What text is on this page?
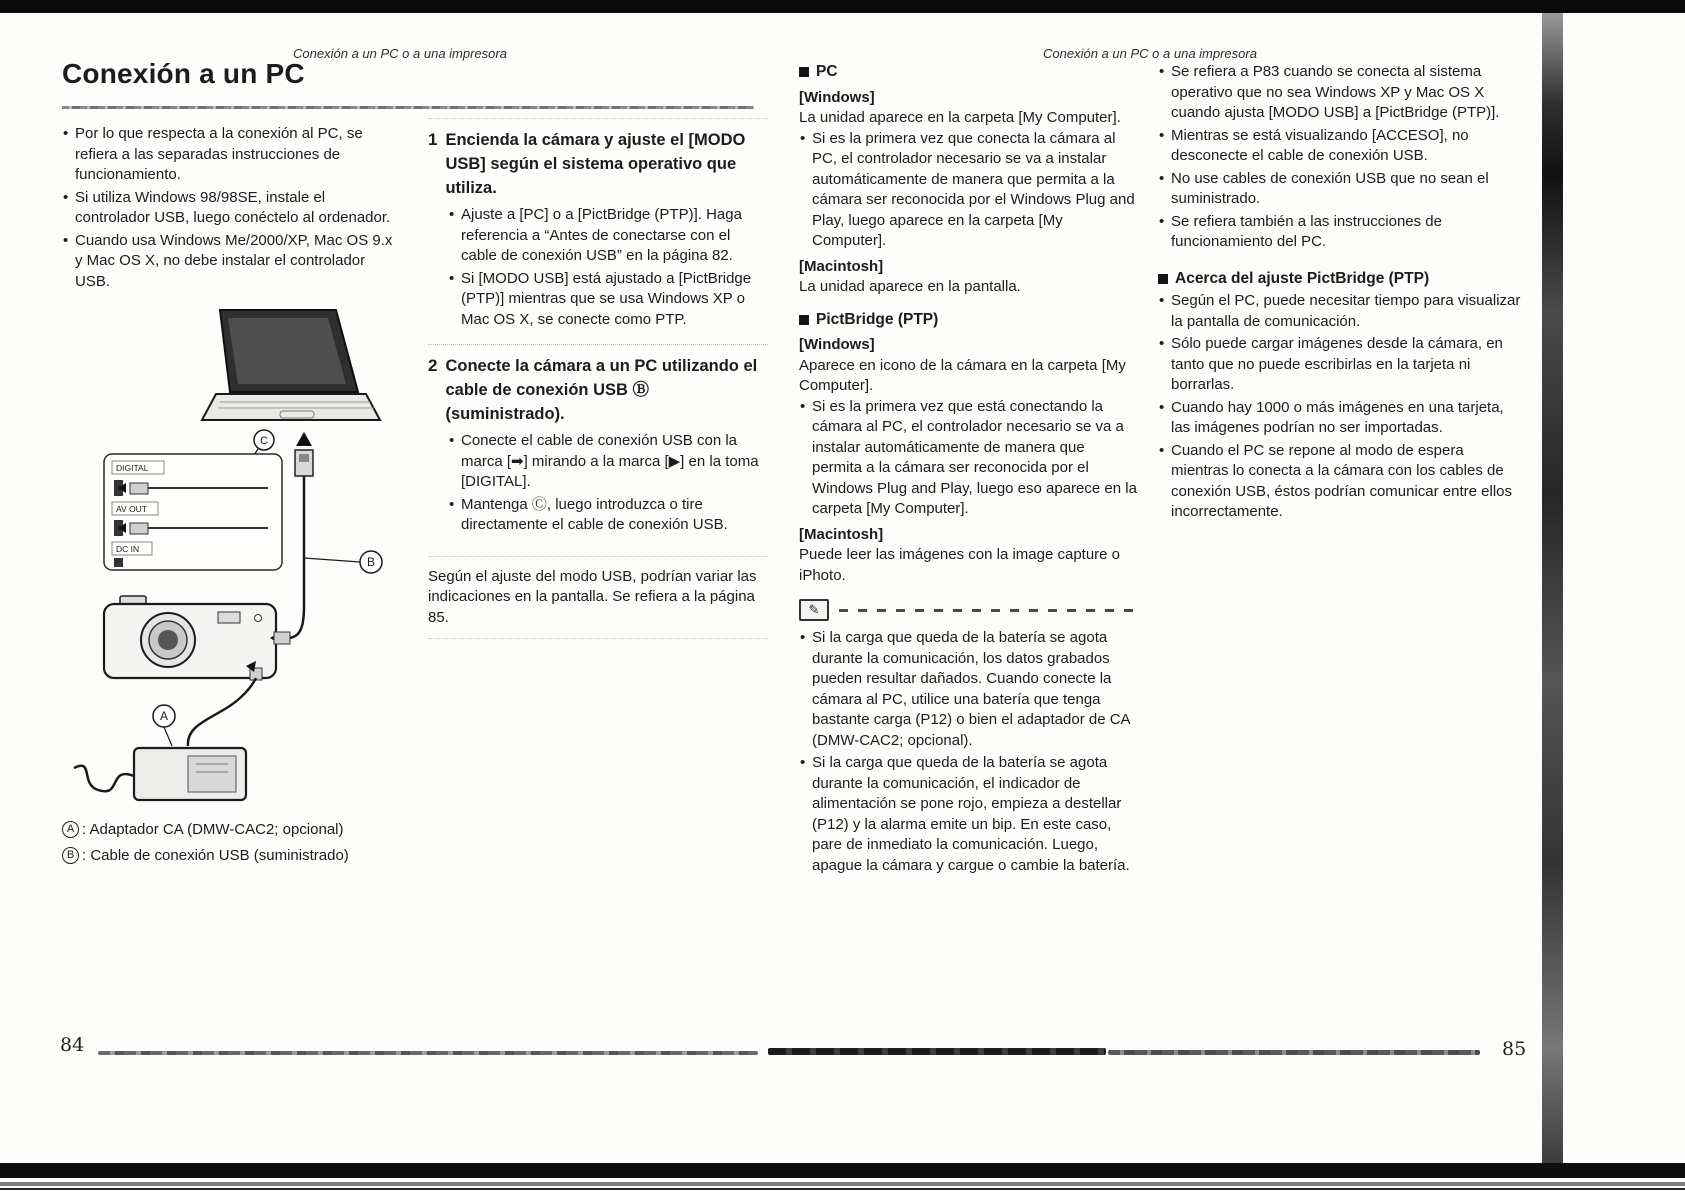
Conexión a un PC o a una impresora	Conexión a un PC o a una impresora
Conexión a un PC
• Por lo que respecta a la conexión al PC, se refiera a las separadas instrucciones de funcionamiento.
• Si utiliza Windows 98/98SE, instale el controlador USB, luego conéctelo al ordenador.
• Cuando usa Windows Me/2000/XP, Mac OS 9.x y Mac OS X, no debe instalar el controlador USB.
B
C
DIGITAL
AV OUT
DC IN
A
A : Adaptador CA (DMW-CAC2; opcional)
B : Cable de conexión USB (suministrado)
1 Encienda la cámara y ajuste el [MODO USB] según el sistema operativo que utiliza.
• Ajuste a [PC] o a [PictBridge (PTP)]. Haga referencia a “Antes de conectarse con el cable de conexión USB” en la página 82.
• Si [MODO USB] está ajustado a [PictBridge (PTP)] mientras que se usa Windows XP o Mac OS X, se conecte como PTP.
2 Conecte la cámara a un PC utilizando el cable de conexión USB Ⓑ (suministrado).
• Conecte el cable de conexión USB con la marca [➡] mirando a la marca [▶] en la toma [DIGITAL].
• Mantenga Ⓒ, luego introduzca o tire directamente el cable de conexión USB.
Según el ajuste del modo USB, podrían variar las indicaciones en la pantalla. Se refiera a la página 85.
PC
[Windows]

La unidad aparece en la carpeta [My Computer].

• Si es la primera vez que conecta la cámara al PC, el controlador necesario se va a instalar automáticamente de manera que permita a la cámara ser reconocida por el Windows Plug and Play, luego aparece en la carpeta [My Computer].
[Macintosh]

La unidad aparece en la pantalla.

PictBridge (PTP)
[Windows]

Aparece en icono de la cámara en la carpeta [My Computer].

• Si es la primera vez que está conectando la cámara al PC, el controlador necesario se va a instalar automáticamente de manera que permita a la cámara ser reconocida por el Windows Plug and Play, luego eso aparece en la carpeta [My Computer].
[Macintosh]

Puede leer las imágenes con la image capture o iPhoto.

✎
• Si la carga que queda de la batería se agota durante la comunicación, los datos grabados pueden resultar dañados. Cuando conecte la cámara al PC, utilice una batería que tenga bastante carga (P12) o bien el adaptador de CA (DMW-CAC2; opcional).
• Si la carga que queda de la batería se agota durante la comunicación, el indicador de alimentación se pone rojo, empieza a destellar (P12) y la alarma emite un bip. En este caso, pare de inmediato la comunicación. Luego, apague la cámara y cargue o cambie la batería.
• Se refiera a P83 cuando se conecta al sistema operativo que no sea Windows XP y Mac OS X cuando ajusta [MODO USB] a [PictBridge (PTP)].
• Mientras se está visualizando [ACCESO], no desconecte el cable de conexión USB.
• No use cables de conexión USB que no sean el suministrado.
• Se refiera también a las instrucciones de funcionamiento del PC.
Acerca del ajuste PictBridge (PTP)
• Según el PC, puede necesitar tiempo para visualizar la pantalla de comunicación.
• Sólo puede cargar imágenes desde la cámara, en tanto que no puede escribirlas en la tarjeta ni borrarlas.
• Cuando hay 1000 o más imágenes en una tarjeta, las imágenes podrían no ser importadas.
• Cuando el PC se repone al modo de espera mientras lo conecta a la cámara con los cables de conexión USB, éstos podrían comunicar entre ellos incorrectamente.
84	85
